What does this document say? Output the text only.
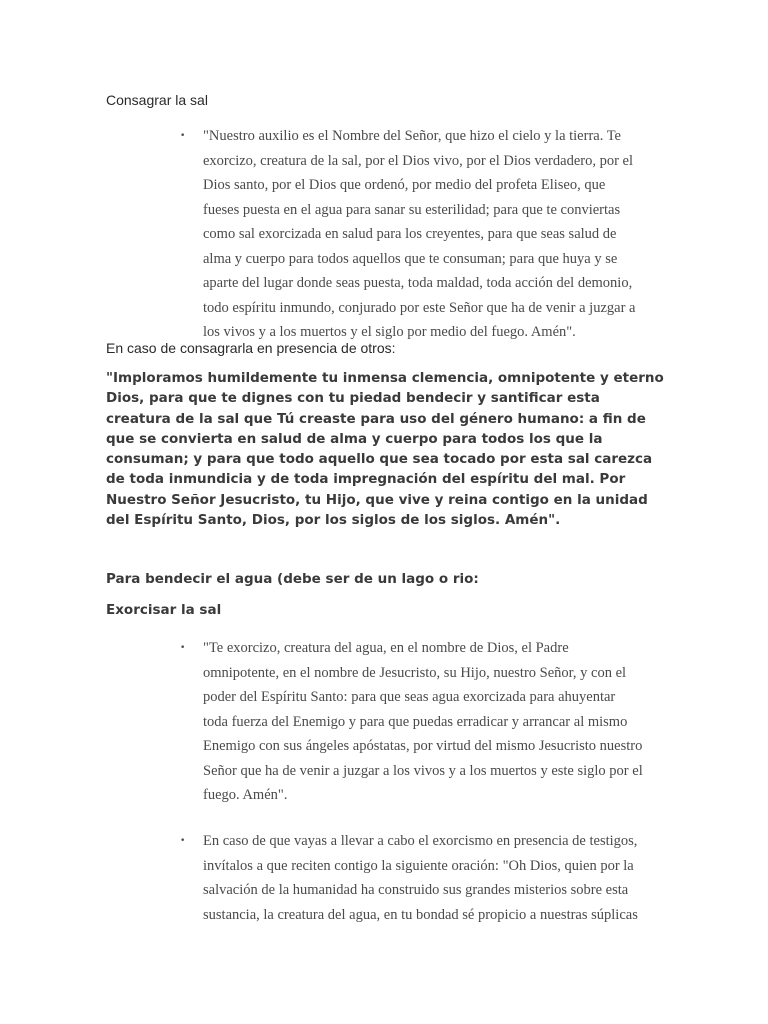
Consagrar la sal

• "Nuestro auxilio es el Nombre del Señor, que hizo el cielo y la tierra. Te
exorcizo, creatura de la sal, por el Dios vivo, por el Dios verdadero, por el
Dios santo, por el Dios que ordenó, por medio del profeta Eliseo, que
fueses puesta en el agua para sanar su esterilidad; para que te conviertas
como sal exorcizada en salud para los creyentes, para que seas salud de
alma y cuerpo para todos aquellos que te consuman; para que huya y se
aparte del lugar donde seas puesta, toda maldad, toda acción del demonio,
todo espíritu inmundo, conjurado por este Señor que ha de venir a juzgar a
los vivos y a los muertos y el siglo por medio del fuego. Amén".

En caso de consagrarla en presencia de otros:

"Imploramos humildemente tu inmensa clemencia, omnipotente y eterno
Dios, para que te dignes con tu piedad bendecir y santificar esta
creatura de la sal que Tú creaste para uso del género humano: a fin de
que se convierta en salud de alma y cuerpo para todos los que la
consuman; y para que todo aquello que sea tocado por esta sal carezca
de toda inmundicia y de toda impregnación del espíritu del mal. Por
Nuestro Señor Jesucristo, tu Hijo, que vive y reina contigo en la unidad
del Espíritu Santo, Dios, por los siglos de los siglos. Amén".

Para bendecir el agua (debe ser de un lago o rio:

Exorcisar la sal

• "Te exorcizo, creatura del agua, en el nombre de Dios, el Padre
omnipotente, en el nombre de Jesucristo, su Hijo, nuestro Señor, y con el
poder del Espíritu Santo: para que seas agua exorcizada para ahuyentar
toda fuerza del Enemigo y para que puedas erradicar y arrancar al mismo
Enemigo con sus ángeles apóstatas, por virtud del mismo Jesucristo nuestro
Señor que ha de venir a juzgar a los vivos y a los muertos y este siglo por el
fuego. Amén".
• En caso de que vayas a llevar a cabo el exorcismo en presencia de testigos,
invítalos a que reciten contigo la siguiente oración: "Oh Dios, quien por la
salvación de la humanidad ha construido sus grandes misterios sobre esta
sustancia, la creatura del agua, en tu bondad sé propicio a nuestras súplicas
